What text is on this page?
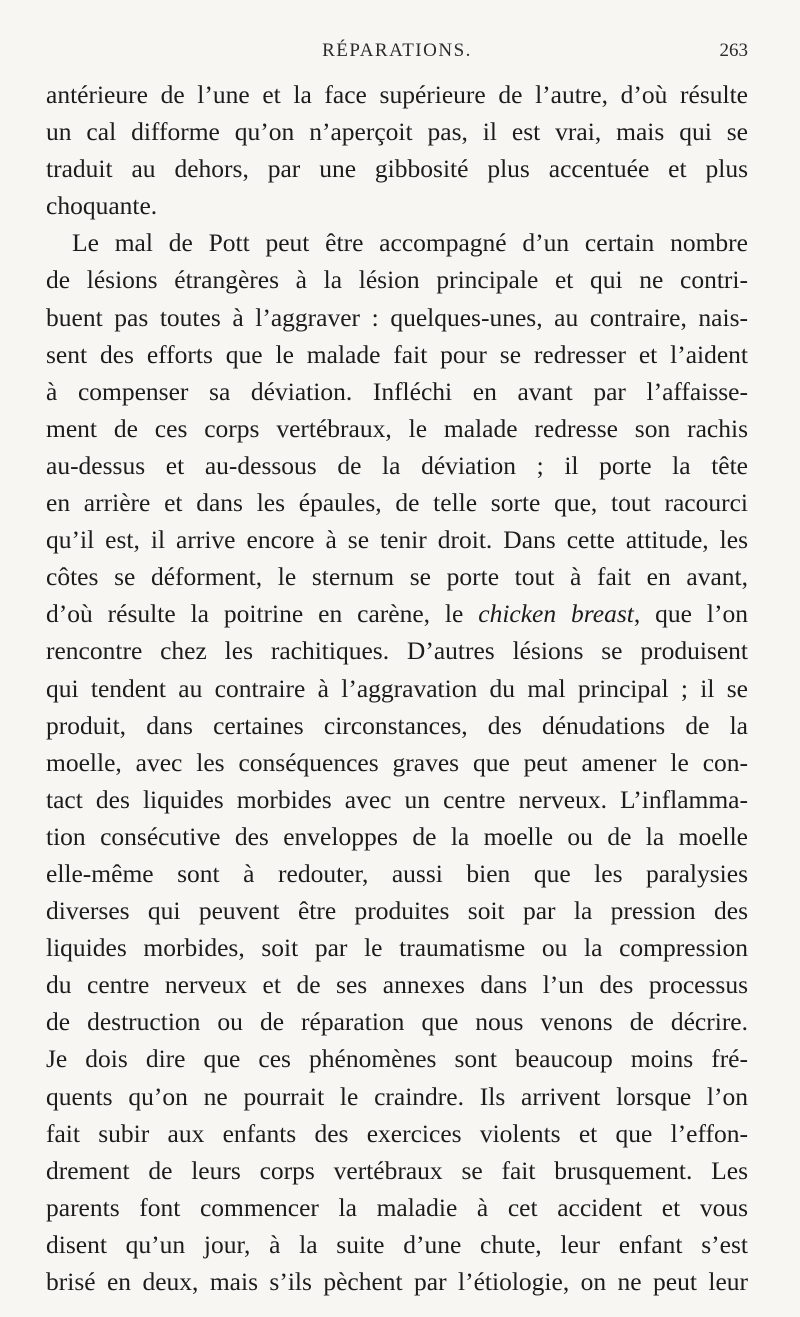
RÉPARATIONS.	263
antérieure de l’une et la face supérieure de l’autre, d’où résulte
un cal difforme qu’on n’aperçoit pas, il est vrai, mais qui se
traduit au dehors, par une gibbosité plus accentuée et plus
choquante.
Le mal de Pott peut être accompagné d’un certain nombre
de lésions étrangères à la lésion principale et qui ne contri-
buent pas toutes à l’aggraver : quelques-unes, au contraire, nais-
sent des efforts que le malade fait pour se redresser et l’aident
à compenser sa déviation. Infléchi en avant par l’affaisse-
ment de ces corps vertébraux, le malade redresse son rachis
au-dessus et au-dessous de la déviation ; il porte la tête
en arrière et dans les épaules, de telle sorte que, tout racourci
qu’il est, il arrive encore à se tenir droit. Dans cette attitude, les
côtes se déforment, le sternum se porte tout à fait en avant,
d’où résulte la poitrine en carène, le chicken breast, que l’on
rencontre chez les rachitiques. D’autres lésions se produisent
qui tendent au contraire à l’aggravation du mal principal ; il se
produit, dans certaines circonstances, des dénudations de la
moelle, avec les conséquences graves que peut amener le con-
tact des liquides morbides avec un centre nerveux. L’inflamma-
tion consécutive des enveloppes de la moelle ou de la moelle
elle-même sont à redouter, aussi bien que les paralysies
diverses qui peuvent être produites soit par la pression des
liquides morbides, soit par le traumatisme ou la compression
du centre nerveux et de ses annexes dans l’un des processus
de destruction ou de réparation que nous venons de décrire.
Je dois dire que ces phénomènes sont beaucoup moins fré-
quents qu’on ne pourrait le craindre. Ils arrivent lorsque l’on
fait subir aux enfants des exercices violents et que l’effon-
drement de leurs corps vertébraux se fait brusquement. Les
parents font commencer la maladie à cet accident et vous
disent qu’un jour, à la suite d’une chute, leur enfant s’est
brisé en deux, mais s’ils pèchent par l’étiologie, on ne peut leur
